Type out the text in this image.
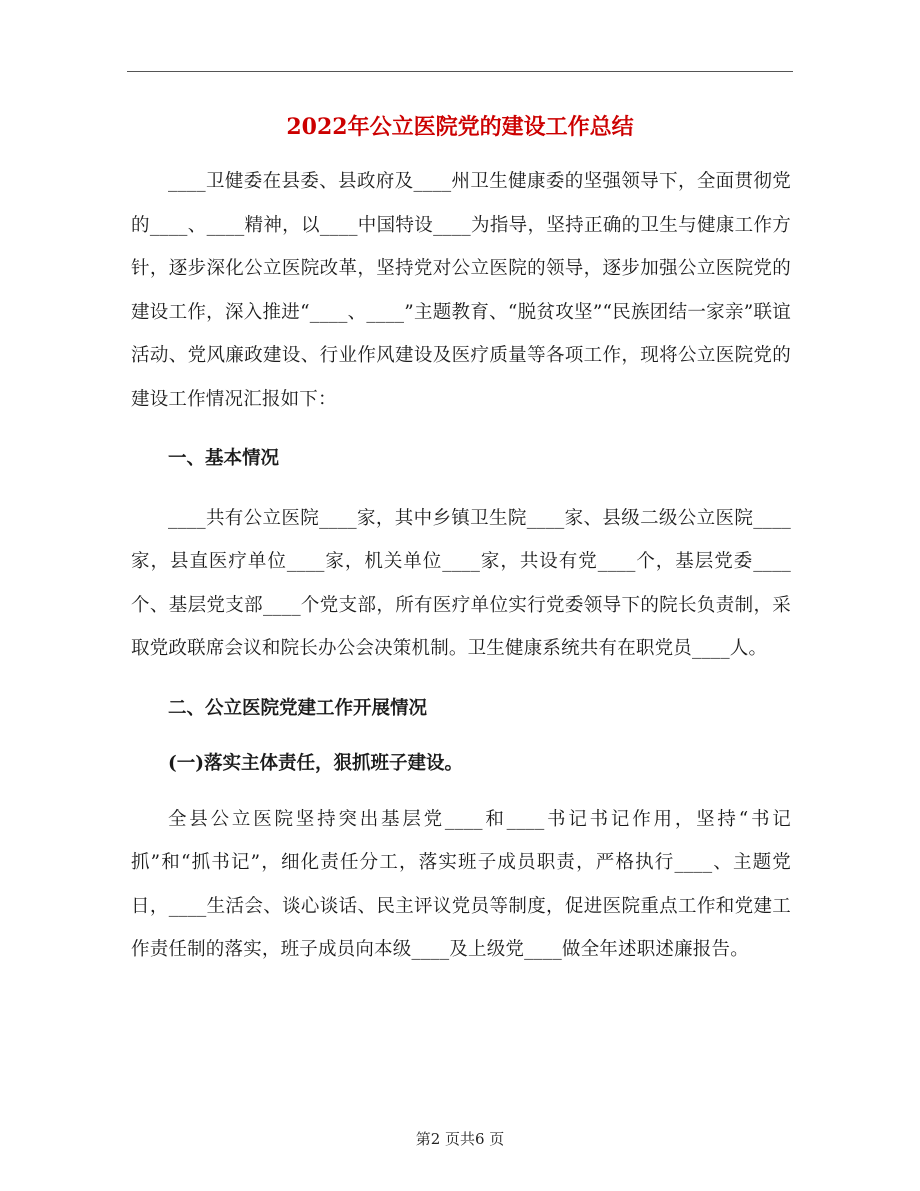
2022年公立医院党的建设工作总结

____卫健委在县委、县政府及____州卫生健康委的坚强领导下，全面贯彻党的____、____精神，以____中国特设____为指导，坚持正确的卫生与健康工作方针，逐步深化公立医院改革，坚持党对公立医院的领导，逐步加强公立医院党的建设工作，深入推进“____、____”主题教育、“脱贫攻坚”“民族团结一家亲”联谊活动、党风廉政建设、行业作风建设及医疗质量等各项工作，现将公立医院党的建设工作情况汇报如下：

一、基本情况

____共有公立医院____家，其中乡镇卫生院____家、县级二级公立医院____家，县直医疗单位____家，机关单位____家，共设有党____个，基层党委____个、基层党支部____个党支部，所有医疗单位实行党委领导下的院长负责制，采取党政联席会议和院长办公会决策机制。卫生健康系统共有在职党员____人。

二、公立医院党建工作开展情况

(一)落实主体责任，狠抓班子建设。

全县公立医院坚持突出基层党____和____书记书记作用，坚持“书记抓”和“抓书记”，细化责任分工，落实班子成员职责，严格执行____、主题党日，____生活会、谈心谈话、民主评议党员等制度，促进医院重点工作和党建工作责任制的落实，班子成员向本级____及上级党____做全年述职述廉报告。

第2 页共6 页
